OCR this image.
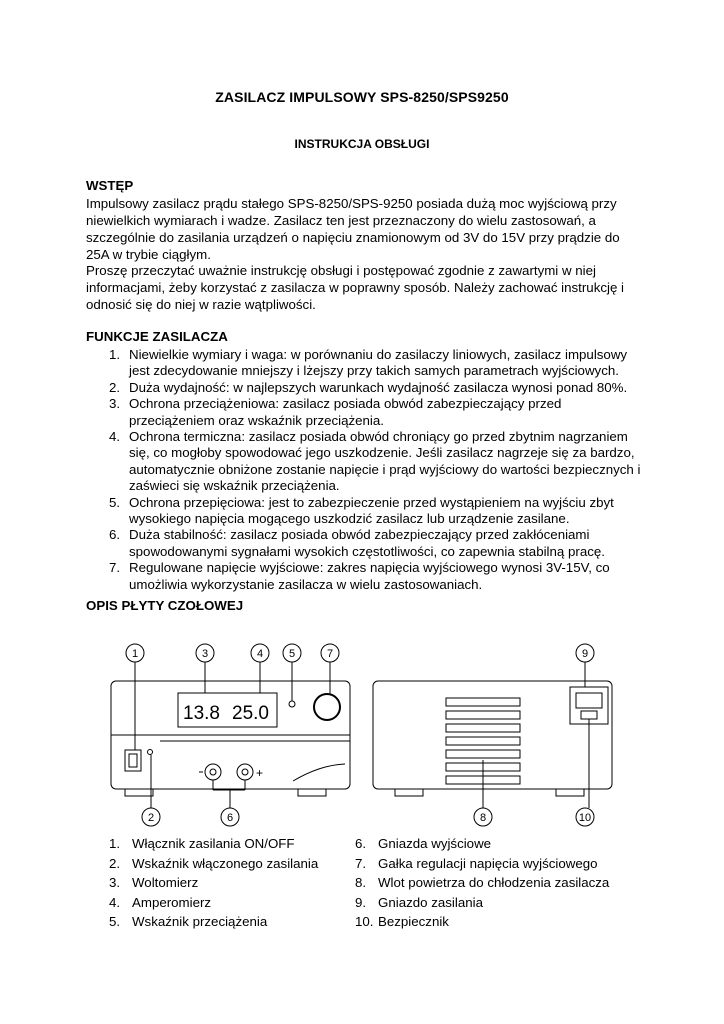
ZASILACZ IMPULSOWY SPS-8250/SPS9250
INSTRUKCJA OBSŁUGI
WSTĘP
Impulsowy zasilacz prądu stałego SPS-8250/SPS-9250 posiada dużą moc wyjściową przy niewielkich wymiarach i wadze. Zasilacz ten jest przeznaczony do wielu zastosowań, a szczególnie do zasilania urządzeń o napięciu znamionowym od 3V do 15V przy prądzie do 25A w trybie ciągłym.
Proszę przeczytać uważnie instrukcję obsługi i postępować zgodnie z zawartymi w niej informacjami, żeby korzystać z zasilacza w poprawny sposób. Należy zachować instrukcję i odnosić się do niej w razie wątpliwości.
FUNKCJE ZASILACZA
1. Niewielkie wymiary i waga: w porównaniu do zasilaczy liniowych, zasilacz impulsowy jest zdecydowanie mniejszy i lżejszy przy takich samych parametrach wyjściowych.
2. Duża wydajność: w najlepszych warunkach wydajność zasilacza wynosi ponad 80%.
3. Ochrona przeciążeniowa: zasilacz posiada obwód zabezpieczający przed przeciążeniem oraz wskaźnik przeciążenia.
4. Ochrona termiczna: zasilacz posiada obwód chroniący go przed zbytnim nagrzaniem się, co mogłoby spowodować jego uszkodzenie. Jeśli zasilacz nagrzeje się za bardzo, automatycznie obniżone zostanie napięcie i prąd wyjściowy do wartości bezpiecznych i zaświeci się wskaźnik przeciążenia.
5. Ochrona przepięciowa: jest to zabezpieczenie przed wystąpieniem na wyjściu zbyt wysokiego napięcia mogącego uszkodzić zasilacz lub urządzenie zasilane.
6. Duża stabilność: zasilacz posiada obwód zabezpieczający przed zakłóceniami spowodowanymi sygnałami wysokich częstotliwości, co zapewnia stabilną pracę.
7. Regulowane napięcie wyjściowe: zakres napięcia wyjściowego wynosi 3V-15V, co umożliwia wykorzystanie zasilacza w wielu zastosowaniach.
OPIS PŁYTY CZOŁOWEJ
13.8 25.0
+
1
2
3	4 5
6
7
8
9
10
1. Włącznik zasilania ON/OFF
2. Wskaźnik włączonego zasilania
3. Woltomierz
4. Amperomierz
5. Wskaźnik przeciążenia
6. Gniazda wyjściowe
7. Gałka regulacji napięcia wyjściowego
8. Wlot powietrza do chłodzenia zasilacza
9. Gniazdo zasilania
10. Bezpiecznik
